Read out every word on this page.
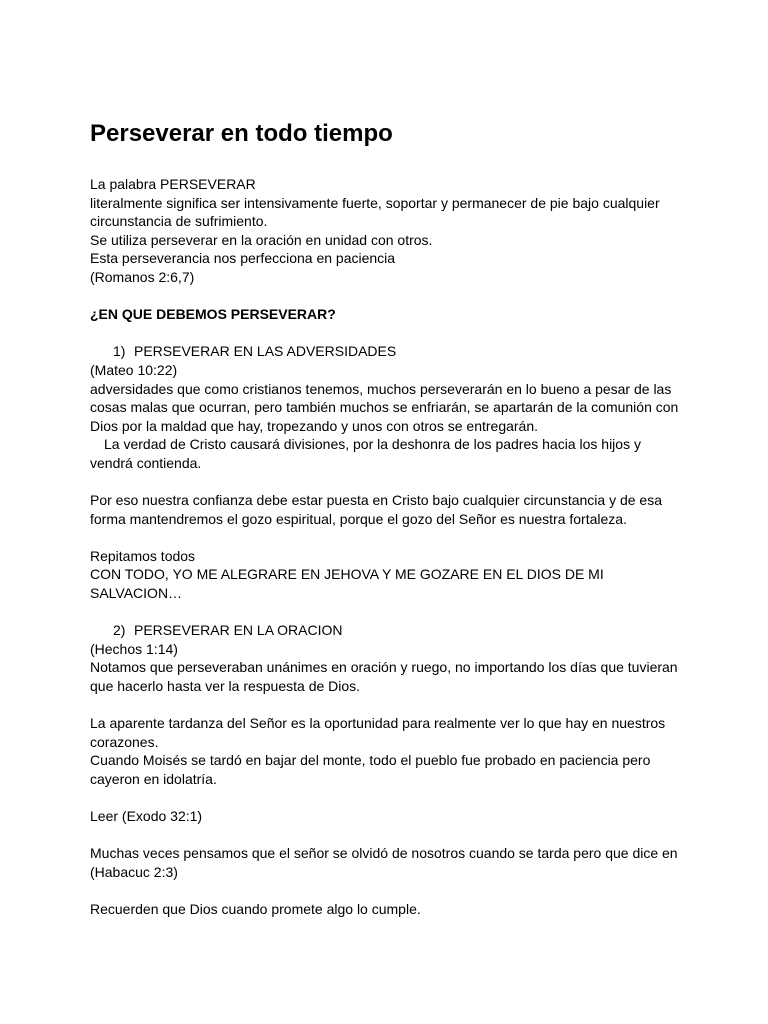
Perseverar en todo tiempo
La palabra PERSEVERAR
literalmente significa ser intensivamente fuerte, soportar y permanecer de pie bajo cualquier
circunstancia de sufrimiento.
Se utiliza perseverar en la oración en unidad con otros.
Esta perseverancia nos perfecciona en paciencia
(Romanos 2:6,7)
¿EN QUE DEBEMOS PERSEVERAR?
1) PERSEVERAR EN LAS ADVERSIDADES
(Mateo 10:22)
adversidades que como cristianos tenemos, muchos perseverarán en lo bueno a pesar de las
cosas malas que ocurran, pero también muchos se enfriarán, se apartarán de la comunión con
Dios por la maldad que hay, tropezando y unos con otros se entregarán.
La verdad de Cristo causará divisiones, por la deshonra de los padres hacia los hijos y
vendrá contienda.
Por eso nuestra confianza debe estar puesta en Cristo bajo cualquier circunstancia y de esa
forma mantendremos el gozo espiritual, porque el gozo del Señor es nuestra fortaleza.
Repitamos todos
CON TODO, YO ME ALEGRARE EN JEHOVA Y ME GOZARE EN EL DIOS DE MI
SALVACION…
2) PERSEVERAR EN LA ORACION
(Hechos 1:14)
Notamos que perseveraban unánimes en oración y ruego, no importando los días que tuvieran
que hacerlo hasta ver la respuesta de Dios.
La aparente tardanza del Señor es la oportunidad para realmente ver lo que hay en nuestros
corazones.
Cuando Moisés se tardó en bajar del monte, todo el pueblo fue probado en paciencia pero
cayeron en idolatría.
Leer (Exodo 32:1)
Muchas veces pensamos que el señor se olvidó de nosotros cuando se tarda pero que dice en
(Habacuc 2:3)
Recuerden que Dios cuando promete algo lo cumple.
